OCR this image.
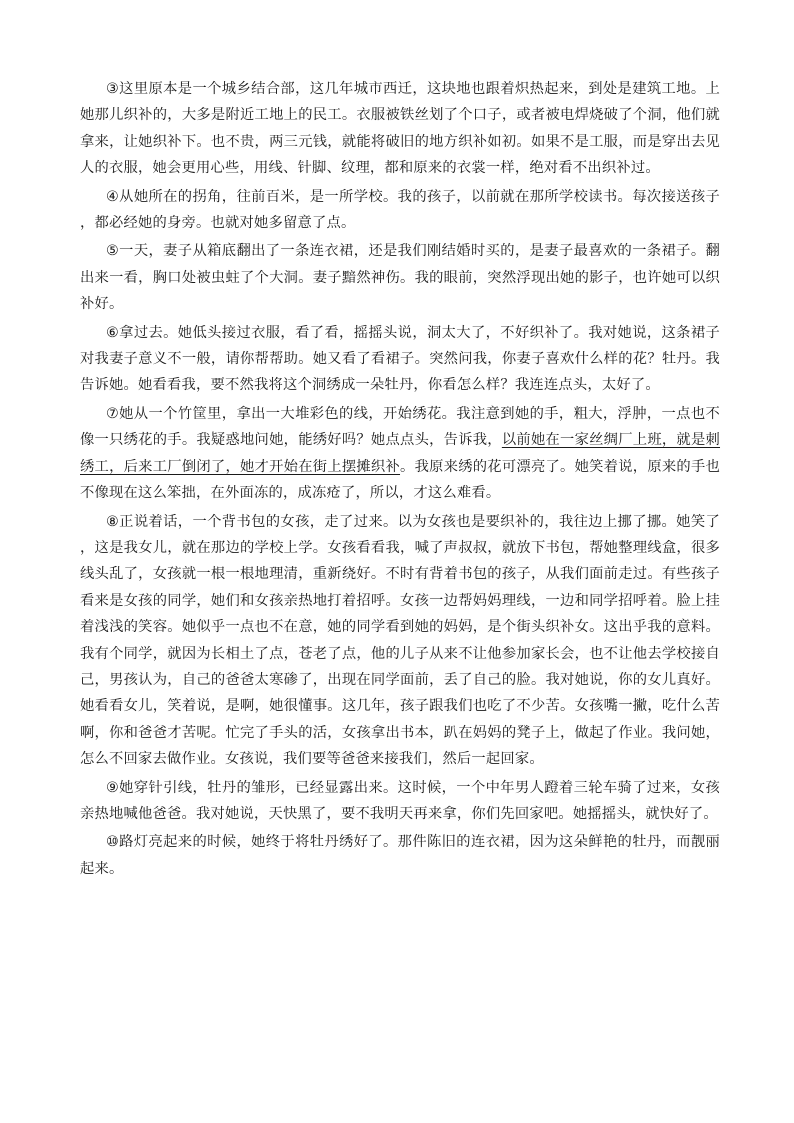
③这里原本是一个城乡结合部，这几年城市西迁，这块地也跟着炽热起来，到处是建筑工地。上她那儿织补的，大多是附近工地上的民工。衣服被铁丝划了个口子，或者被电焊烧破了个洞，他们就拿来，让她织补下。也不贵，两三元钱，就能将破旧的地方织补如初。如果不是工服，而是穿出去见人的衣服，她会更用心些，用线、针脚、纹理，都和原来的衣裳一样，绝对看不出织补过。

④从她所在的拐角，往前百米，是一所学校。我的孩子，以前就在那所学校读书。每次接送孩子，都必经她的身旁。也就对她多留意了点。

⑤一天，妻子从箱底翻出了一条连衣裙，还是我们刚结婚时买的，是妻子最喜欢的一条裙子。翻出来一看，胸口处被虫蛀了个大洞。妻子黯然神伤。我的眼前，突然浮现出她的影子，也许她可以织补好。

⑥拿过去。她低头接过衣服，看了看，摇摇头说，洞太大了，不好织补了。我对她说，这条裙子对我妻子意义不一般，请你帮帮助。她又看了看裙子。突然问我，你妻子喜欢什么样的花？牡丹。我告诉她。她看看我，要不然我将这个洞绣成一朵牡丹，你看怎么样？我连连点头，太好了。

⑦她从一个竹筐里，拿出一大堆彩色的线，开始绣花。我注意到她的手，粗大，浮肿，一点也不像一只绣花的手。我疑惑地问她，能绣好吗？她点点头，告诉我，以前她在一家丝绸厂上班，就是刺绣工，后来工厂倒闭了，她才开始在街上摆摊织补。我原来绣的花可漂亮了。她笑着说，原来的手也不像现在这么笨拙，在外面冻的，成冻疮了，所以，才这么难看。

⑧正说着话，一个背书包的女孩，走了过来。以为女孩也是要织补的，我往边上挪了挪。她笑了，这是我女儿，就在那边的学校上学。女孩看看我，喊了声叔叔，就放下书包，帮她整理线盒，很多线头乱了，女孩就一根一根地理清，重新绕好。不时有背着书包的孩子，从我们面前走过。有些孩子看来是女孩的同学，她们和女孩亲热地打着招呼。女孩一边帮妈妈理线，一边和同学招呼着。脸上挂着浅浅的笑容。她似乎一点也不在意，她的同学看到她的妈妈，是个街头织补女。这出乎我的意料。我有个同学，就因为长相土了点，苍老了点，他的儿子从来不让他参加家长会，也不让他去学校接自己，男孩认为，自己的爸爸太寒碜了，出现在同学面前，丢了自己的脸。我对她说，你的女儿真好。她看看女儿，笑着说，是啊，她很懂事。这几年，孩子跟我们也吃了不少苦。女孩嘴一撇，吃什么苦啊，你和爸爸才苦呢。忙完了手头的活，女孩拿出书本，趴在妈妈的凳子上，做起了作业。我问她，怎么不回家去做作业。女孩说，我们要等爸爸来接我们，然后一起回家。

⑨她穿针引线，牡丹的雏形，已经显露出来。这时候，一个中年男人蹬着三轮车骑了过来，女孩亲热地喊他爸爸。我对她说，天快黑了，要不我明天再来拿，你们先回家吧。她摇摇头，就快好了。

⑩路灯亮起来的时候，她终于将牡丹绣好了。那件陈旧的连衣裙，因为这朵鲜艳的牡丹，而靓丽起来。
